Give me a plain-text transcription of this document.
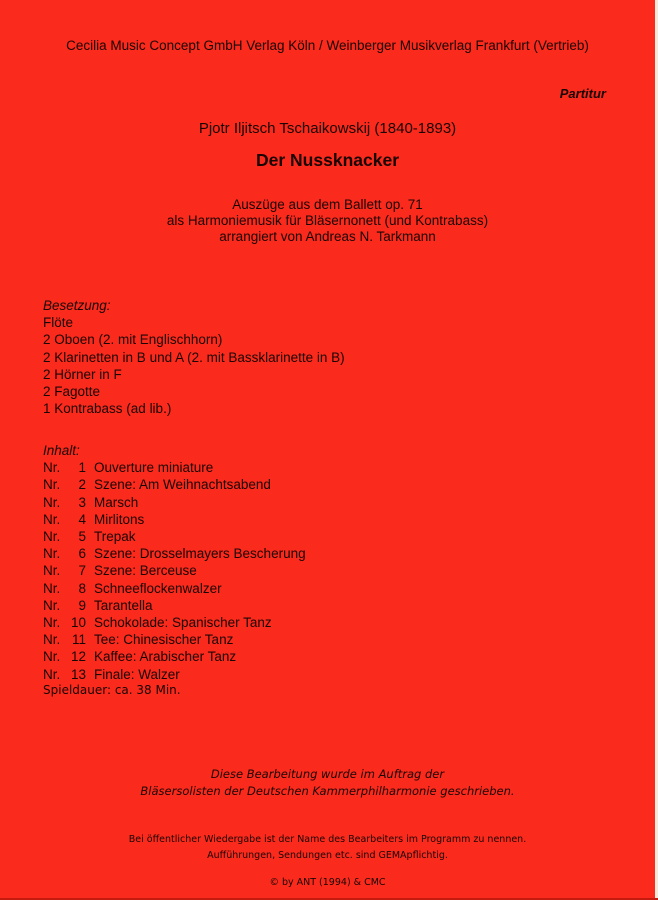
Cecilia Music Concept GmbH Verlag Köln / Weinberger Musikverlag Frankfurt (Vertrieb)
Partitur
Pjotr Iljitsch Tschaikowskij (1840-1893)
Der Nussknacker
Auszüge aus dem Ballett op. 71
als Harmoniemusik für Bläsernonett (und Kontrabass)
arrangiert von Andreas N. Tarkmann
Besetzung:
Flöte
2 Oboen (2. mit Englischhorn)
2 Klarinetten in B und A (2. mit Bassklarinette in B)
2 Hörner in F
2 Fagotte
1 Kontrabass (ad lib.)
Inhalt:
Nr.	1 Ouverture miniature
Nr.	2 Szene: Am Weihnachtsabend
Nr.	3 Marsch
Nr.	4 Mirlitons
Nr.	5 Trepak
Nr.	6 Szene: Drosselmayers Bescherung
Nr.	7 Szene: Berceuse
Nr.	8 Schneeflockenwalzer
Nr.	9 Tarantella
Nr. 10 Schokolade: Spanischer Tanz
Nr. 11 Tee: Chinesischer Tanz
Nr. 12 Kaffee: Arabischer Tanz
Nr. 13 Finale: Walzer
Spieldauer: ca. 38 Min.
Diese Bearbeitung wurde im Auftrag der
Bläsersolisten der Deutschen Kammerphilharmonie geschrieben.
Bei öffentlicher Wiedergabe ist der Name des Bearbeiters im Programm zu nennen.
Aufführungen, Sendungen etc. sind GEMApflichtig.
© by ANT (1994) & CMC
